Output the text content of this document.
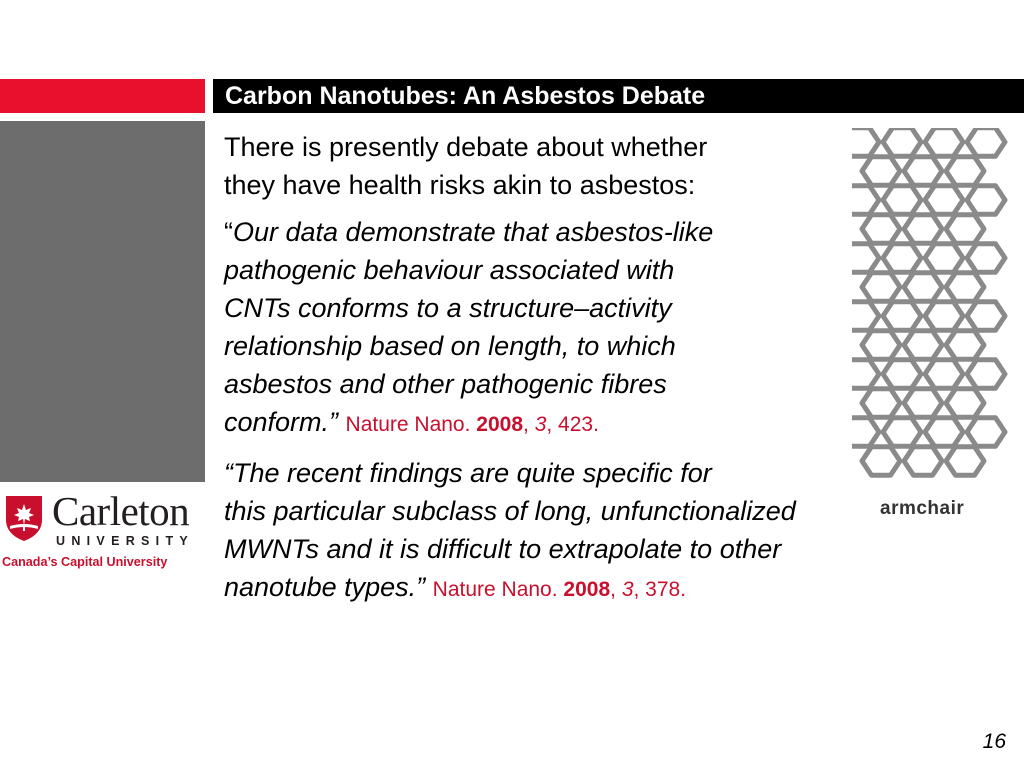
Carbon Nanotubes: An Asbestos Debate
Carleton
UNIVERSITY
Canada’s Capital University

There is presently debate about whether
they have health risks akin to asbestos:

“Our data demonstrate that asbestos-like
pathogenic behaviour associated with
CNTs conforms to a structure–activity
relationship based on length, to which
asbestos and other pathogenic fibres
conform.” Nature Nano. 2008, 3, 423.

“The recent findings are quite specific for
this particular subclass of long, unfunctionalized
MWNTs and it is difficult to extrapolate to other
nanotube types.” Nature Nano. 2008, 3, 378.

armchair
16
